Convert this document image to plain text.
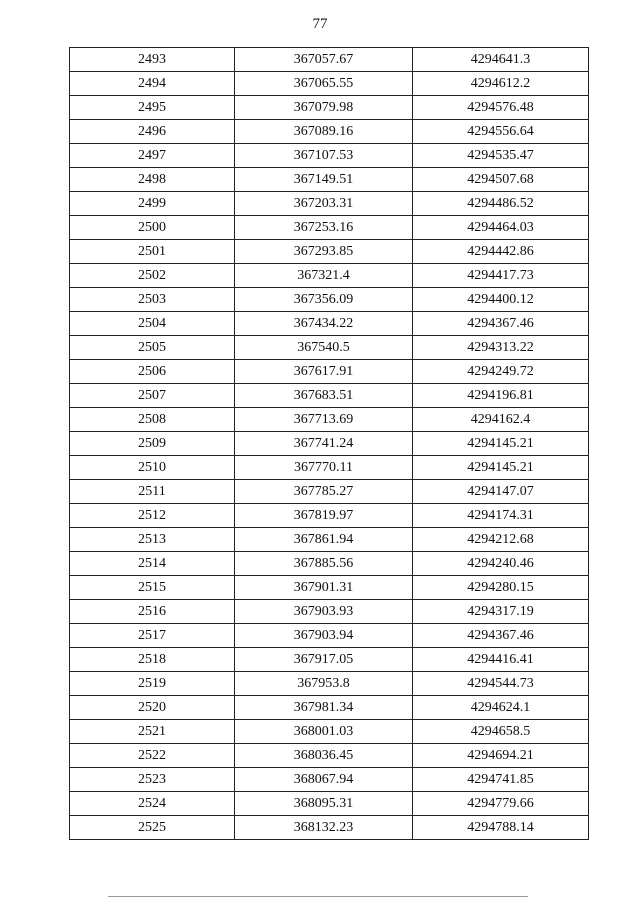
77
2493	367057.67	4294641.3
2494	367065.55	4294612.2
2495	367079.98	4294576.48
2496	367089.16	4294556.64
2497	367107.53	4294535.47
2498	367149.51	4294507.68
2499	367203.31	4294486.52
2500	367253.16	4294464.03
2501	367293.85	4294442.86
2502	367321.4	4294417.73
2503	367356.09	4294400.12
2504	367434.22	4294367.46
2505	367540.5	4294313.22
2506	367617.91	4294249.72
2507	367683.51	4294196.81
2508	367713.69	4294162.4
2509	367741.24	4294145.21
2510	367770.11	4294145.21
2511	367785.27	4294147.07
2512	367819.97	4294174.31
2513	367861.94	4294212.68
2514	367885.56	4294240.46
2515	367901.31	4294280.15
2516	367903.93	4294317.19
2517	367903.94	4294367.46
2518	367917.05	4294416.41
2519	367953.8	4294544.73
2520	367981.34	4294624.1
2521	368001.03	4294658.5
2522	368036.45	4294694.21
2523	368067.94	4294741.85
2524	368095.31	4294779.66
2525	368132.23	4294788.14
